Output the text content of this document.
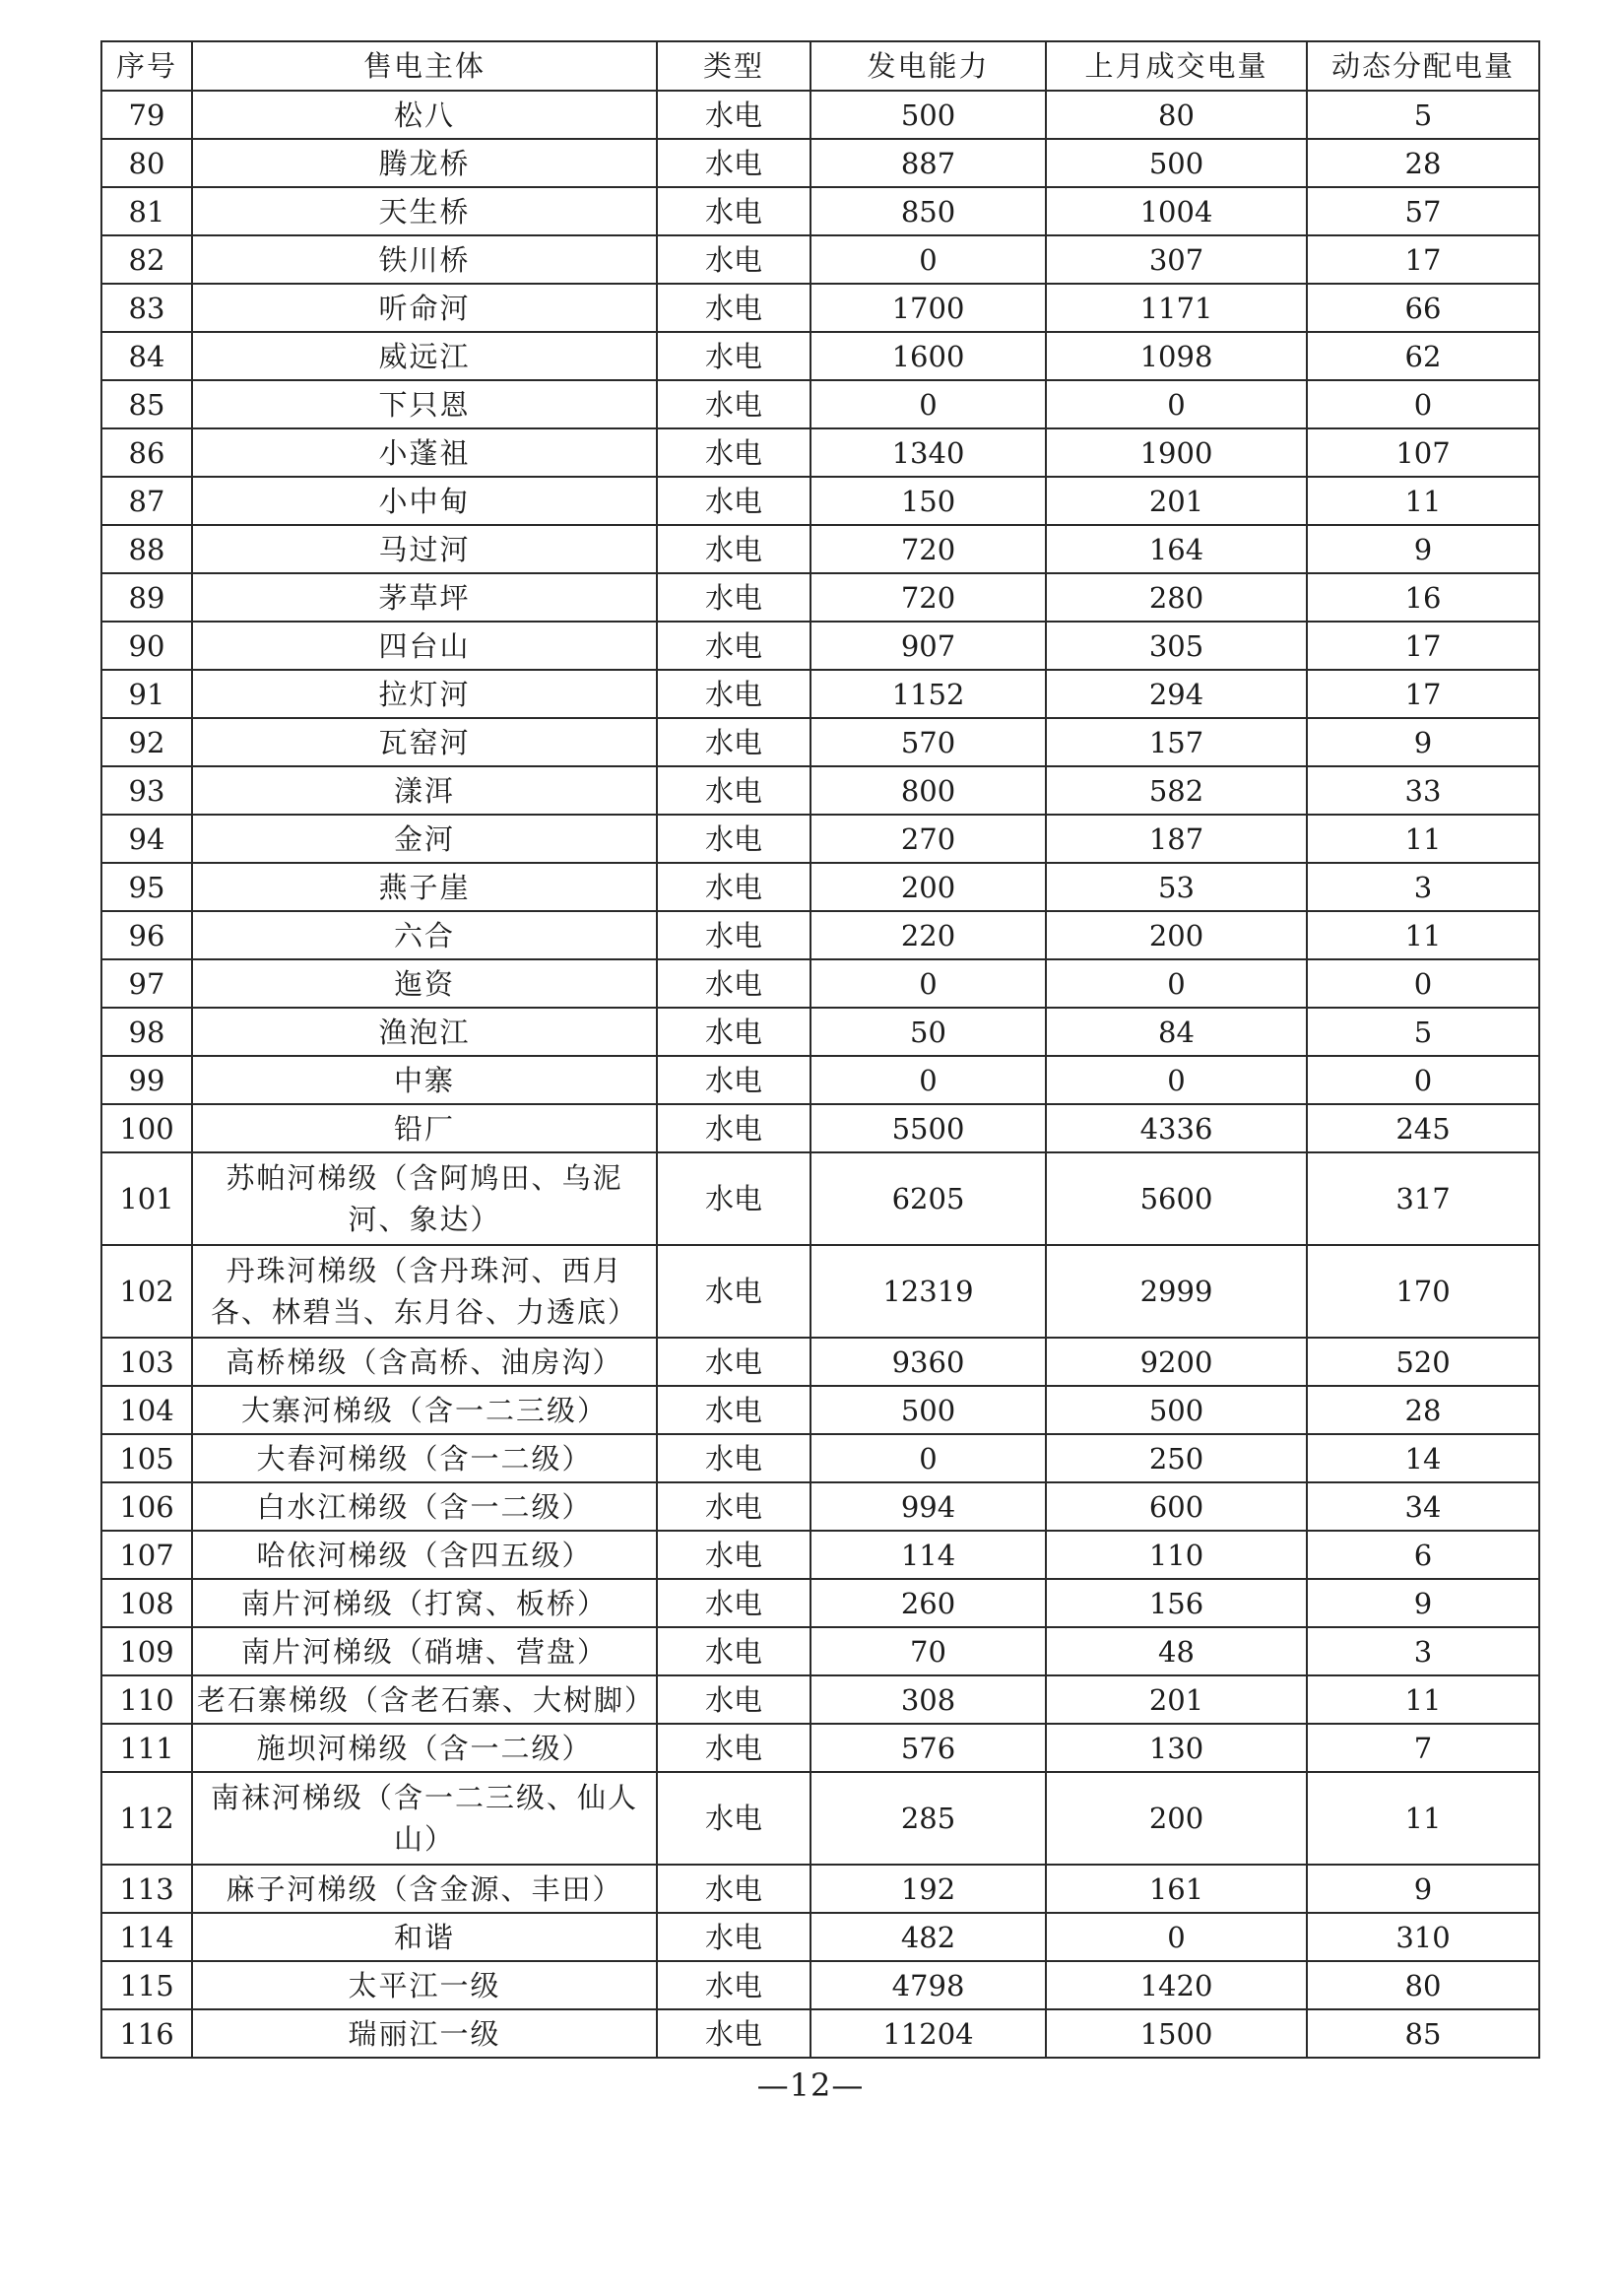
序号	售电主体	类型	发电能力	上月成交电量	动态分配电量
79	松八	水电	500	80	5
80	腾龙桥	水电	887	500	28
81	天生桥	水电	850	1004	57
82	铁川桥	水电	0	307	17
83	听命河	水电	1700	1171	66
84	威远江	水电	1600	1098	62
85	下只恩	水电	0	0	0
86	小蓬祖	水电	1340	1900	107
87	小中甸	水电	150	201	11
88	马过河	水电	720	164	9
89	茅草坪	水电	720	280	16
90	四台山	水电	907	305	17
91	拉灯河	水电	1152	294	17
92	瓦窑河	水电	570	157	9
93	漾洱	水电	800	582	33
94	金河	水电	270	187	11
95	燕子崖	水电	200	53	3
96	六合	水电	220	200	11
97	迤资	水电	0	0	0
98	渔泡江	水电	50	84	5
99	中寨	水电	0	0	0
100	铅厂	水电	5500	4336	245
101	苏帕河梯级（含阿鸠田、乌泥河、象达）	水电	6205	5600	317
102	丹珠河梯级（含丹珠河、西月各、林碧当、东月谷、力透底）	水电	12319	2999	170
103	高桥梯级（含高桥、油房沟）	水电	9360	9200	520
104	大寨河梯级（含一二三级）	水电	500	500	28
105	大春河梯级（含一二级）	水电	0	250	14
106	白水江梯级（含一二级）	水电	994	600	34
107	哈依河梯级（含四五级）	水电	114	110	6
108	南片河梯级（打窝、板桥）	水电	260	156	9
109	南片河梯级（硝塘、营盘）	水电	70	48	3
110	老石寨梯级（含老石寨、大树脚）	水电	308	201	11
111	施坝河梯级（含一二级）	水电	576	130	7
112	南袜河梯级（含一二三级、仙人山）	水电	285	200	11
113	麻子河梯级（含金源、丰田）	水电	192	161	9
114	和谐	水电	482	0	310
115	太平江一级	水电	4798	1420	80
116	瑞丽江一级	水电	11204	1500	85
—12—
